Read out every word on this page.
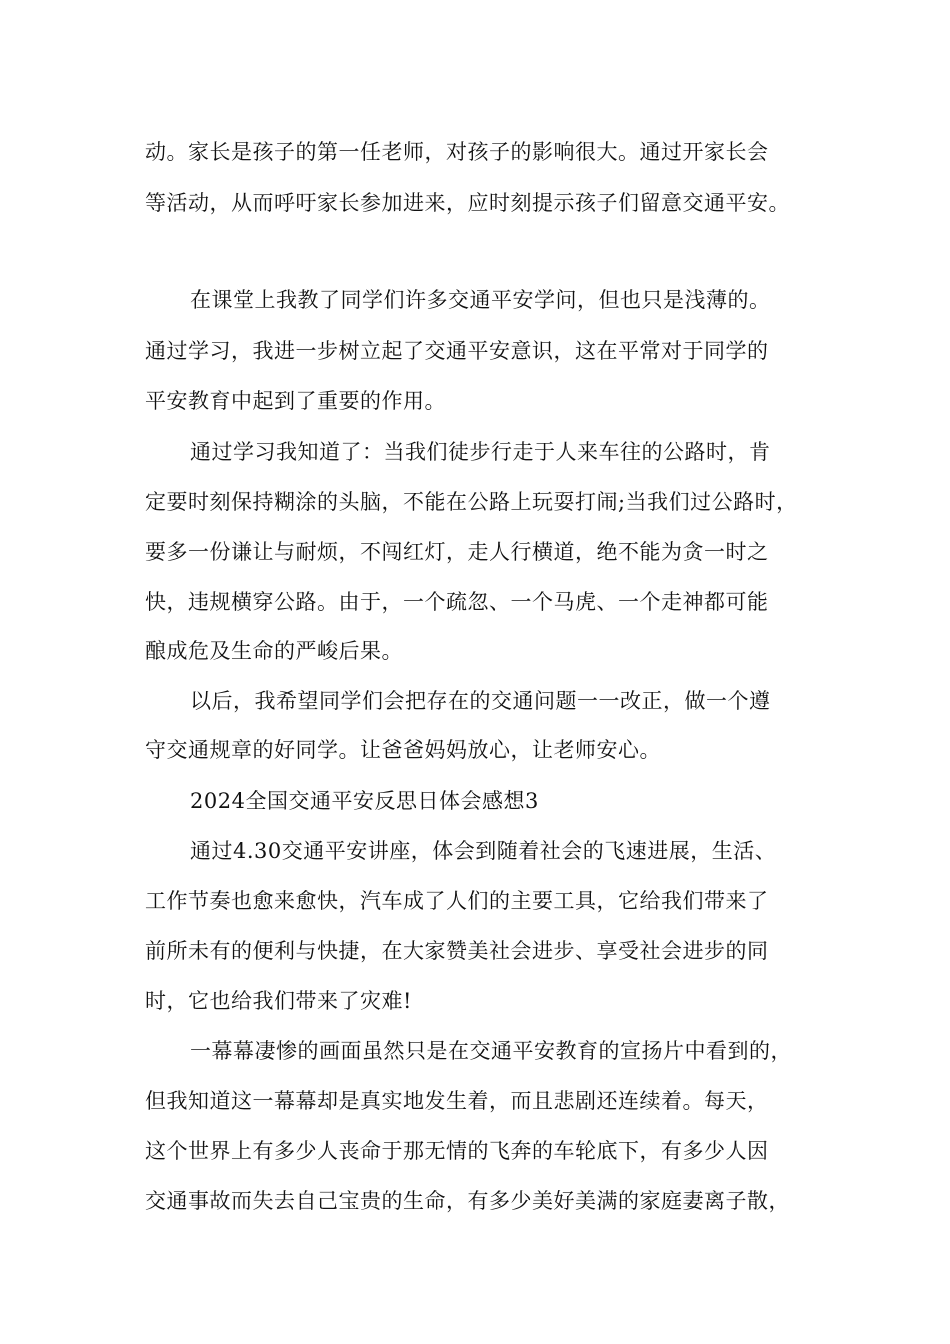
动。家长是孩子的第一任老师，对孩子的影响很大。通过开家长会
等活动，从而呼吁家长参加进来，应时刻提示孩子们留意交通平安。
在课堂上我教了同学们许多交通平安学问，但也只是浅薄的。
通过学习，我进一步树立起了交通平安意识，这在平常对于同学的
平安教育中起到了重要的作用。
通过学习我知道了：当我们徒步行走于人来车往的公路时，肯
定要时刻保持糊涂的头脑，不能在公路上玩耍打闹;当我们过公路时，
要多一份谦让与耐烦，不闯红灯，走人行横道，绝不能为贪一时之
快，违规横穿公路。由于，一个疏忽、一个马虎、一个走神都可能
酿成危及生命的严峻后果。
以后，我希望同学们会把存在的交通问题一一改正，做一个遵
守交通规章的好同学。让爸爸妈妈放心，让老师安心。
2024全国交通平安反思日体会感想3
通过4.30交通平安讲座，体会到随着社会的飞速进展，生活、
工作节奏也愈来愈快，汽车成了人们的主要工具，它给我们带来了
前所未有的便利与快捷，在大家赞美社会进步、享受社会进步的同
时，它也给我们带来了灾难!
一幕幕凄惨的画面虽然只是在交通平安教育的宣扬片中看到的，
但我知道这一幕幕却是真实地发生着，而且悲剧还连续着。每天，
这个世界上有多少人丧命于那无情的飞奔的车轮底下，有多少人因
交通事故而失去自己宝贵的生命，有多少美好美满的家庭妻离子散，
